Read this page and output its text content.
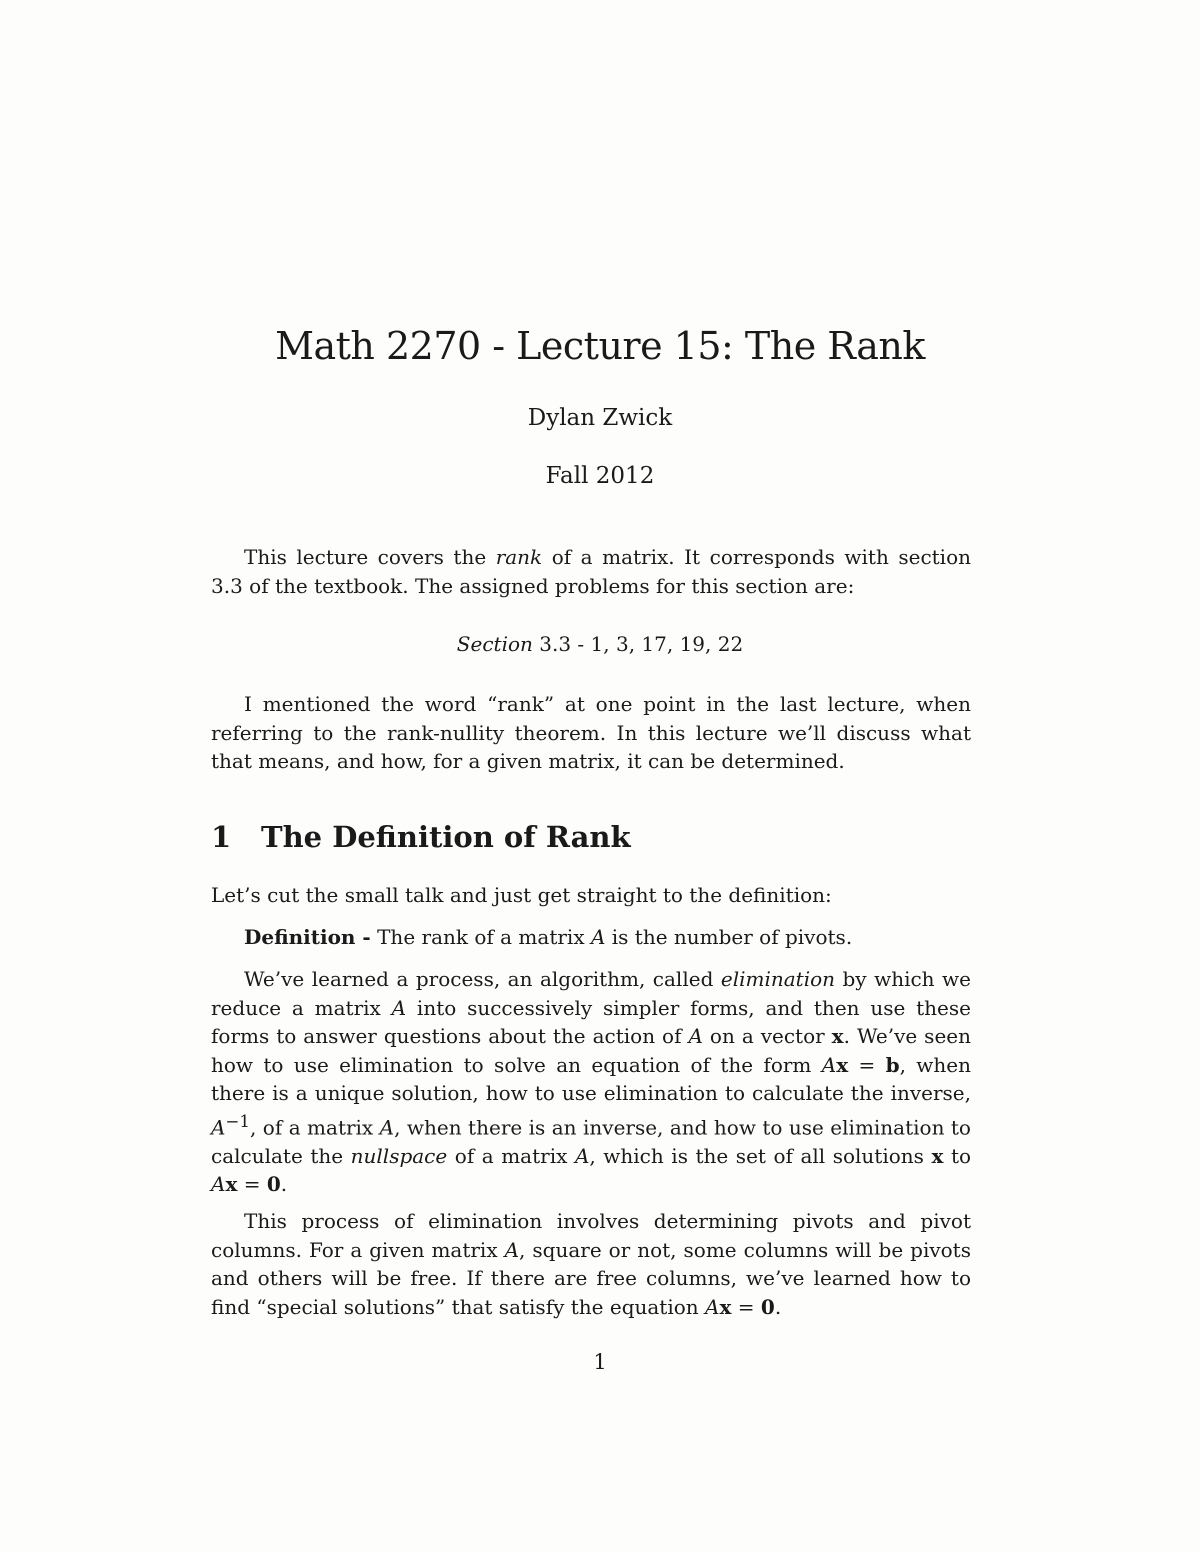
Math 2270 - Lecture 15: The Rank
Dylan Zwick
Fall 2012

This lecture covers the rank of a matrix. It corresponds with section 3.3 of the textbook. The assigned problems for this section are:

Section 3.3 - 1, 3, 17, 19, 22

I mentioned the word “rank” at one point in the last lecture, when referring to the rank-nullity theorem. In this lecture we’ll discuss what that means, and how, for a given matrix, it can be determined.

1 The Definition of Rank

Let’s cut the small talk and just get straight to the definition:

Definition - The rank of a matrix A is the number of pivots.

We’ve learned a process, an algorithm, called elimination by which we reduce a matrix A into successively simpler forms, and then use these forms to answer questions about the action of A on a vector x. We’ve seen how to use elimination to solve an equation of the form Ax = b, when there is a unique solution, how to use elimination to calculate the inverse, $A^{-1}$, of a matrix A, when there is an inverse, and how to use elimination to calculate the nullspace of a matrix A, which is the set of all solutions x to Ax = 0.

This process of elimination involves determining pivots and pivot columns. For a given matrix A, square or not, some columns will be pivots and others will be free. If there are free columns, we’ve learned how to find “special solutions” that satisfy the equation Ax = 0.

1
